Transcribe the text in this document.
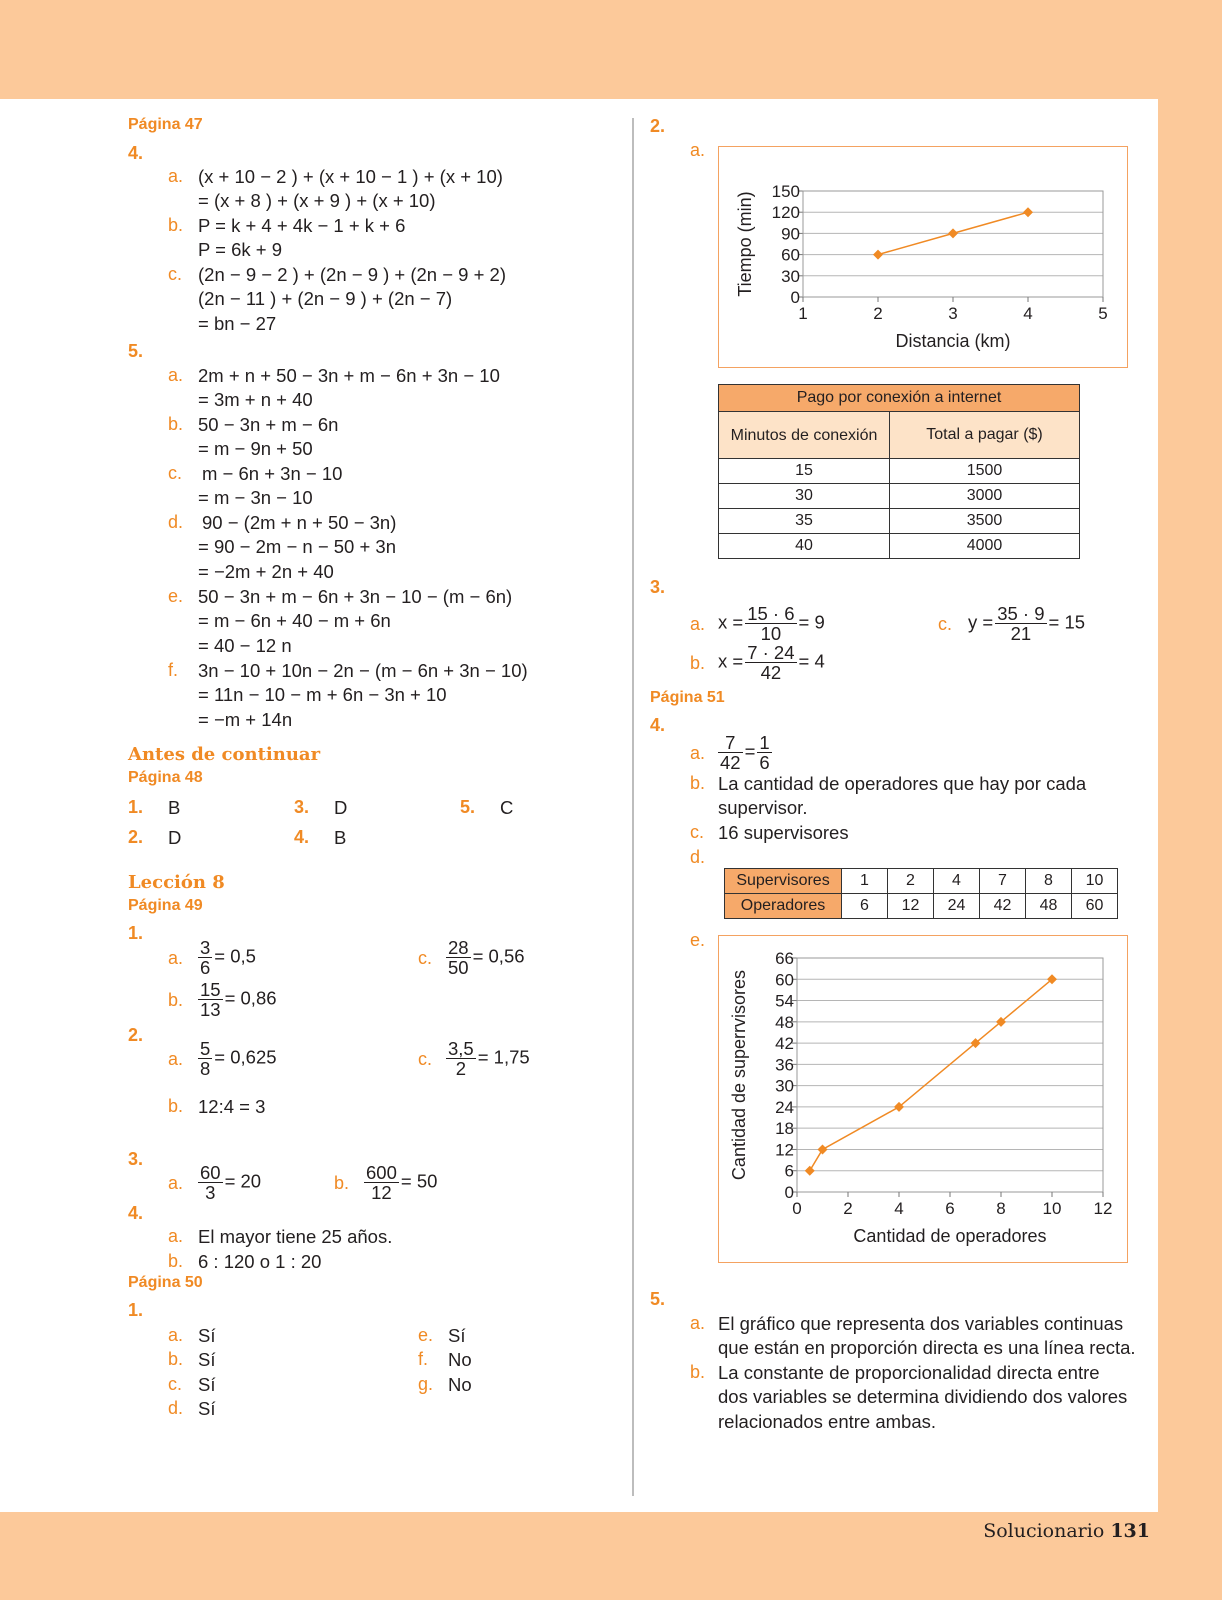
Página 47
4.
a. (x + 10 − 2 ) + (x + 10 − 1 ) + (x + 10)
= (x + 8 ) + (x + 9 ) + (x + 10)
b. P = k + 4 + 4k − 1 + k + 6
P = 6k + 9
c. (2n − 9 − 2 ) + (2n − 9 ) + (2n − 9 + 2)
(2n − 11 ) + (2n − 9 ) + (2n − 7)
= bn − 27
5.
a. 2m + n + 50 − 3n + m − 6n + 3n − 10
= 3m + n + 40
b. 50 − 3n + m − 6n
= m − 9n + 50
c. m − 6n + 3n − 10
= m − 3n − 10
d. 90 − (2m + n + 50 − 3n)
= 90 − 2m − n − 50 + 3n
= −2m + 2n + 40
e. 50 − 3n + m − 6n + 3n − 10 − (m − 6n)
= m − 6n + 40 − m + 6n
= 40 − 12 n
f. 3n − 10 + 10n − 2n − (m − 6n + 3n − 10)
= 11n − 10 − m + 6n − 3n + 10
= −m + 14n
Antes de continuar
Página 48
1. B	3. D	5. C
2. D	4. B
Lección 8
Página 49
1.
a. $\frac{3}{6} = 0,5$	c. $\frac{28}{50} = 0,56$
b. $\frac{15}{13} = 0,86$
2.
a. $\frac{5}{8} = 0,625$	c. $\frac{3,5}{2} = 1,75$
b. 12:4 = 3
3.
a. $\frac{60}{3} = 20$	b. $\frac{600}{12} = 50$
4.
a. El mayor tiene 25 años.
b. 6 : 120 o 1 : 20
Página 50
1.
a. Sí
b. Sí
c. Sí
d. Sí
e. Sí
f. No
g. No
2.
a.
0
30
60
90
120
150
1	2	3	4	5
Distancia (km)
Tiempo (min)
Pago por conexión a internet	
Minutos de conexión	Total a pagar ($)
15	1500
30	3000
35	3500
40	4000
3.
a. $x = \frac{15 \cdot 6}{10} = 9$	c. $y = \frac{35 \cdot 9}{21} = 15$
b. $x = \frac{7 \cdot 24}{42} = 4$
Página 51
4.
a. $\frac{7}{42} = \frac{1}{6}$
b. La cantidad de operadores que hay por cada
supervisor.
c. 16 supervisores
d.
Supervisores	1	2	4	7	8	10
Operadores	6	12	24	42	48	60
e.
0
6
12
18
24
30
36
42
48
54
60
66
0 2 4 6 8 10 12
Cantidad de operadores
Cantidad de superrvisores
5.
a. El gráfico que representa dos variables continuas
que están en proporción directa es una línea recta.
b. La constante de proporcionalidad directa entre
dos variables se determina dividiendo dos valores
relacionados entre ambas.
Solucionario 131
